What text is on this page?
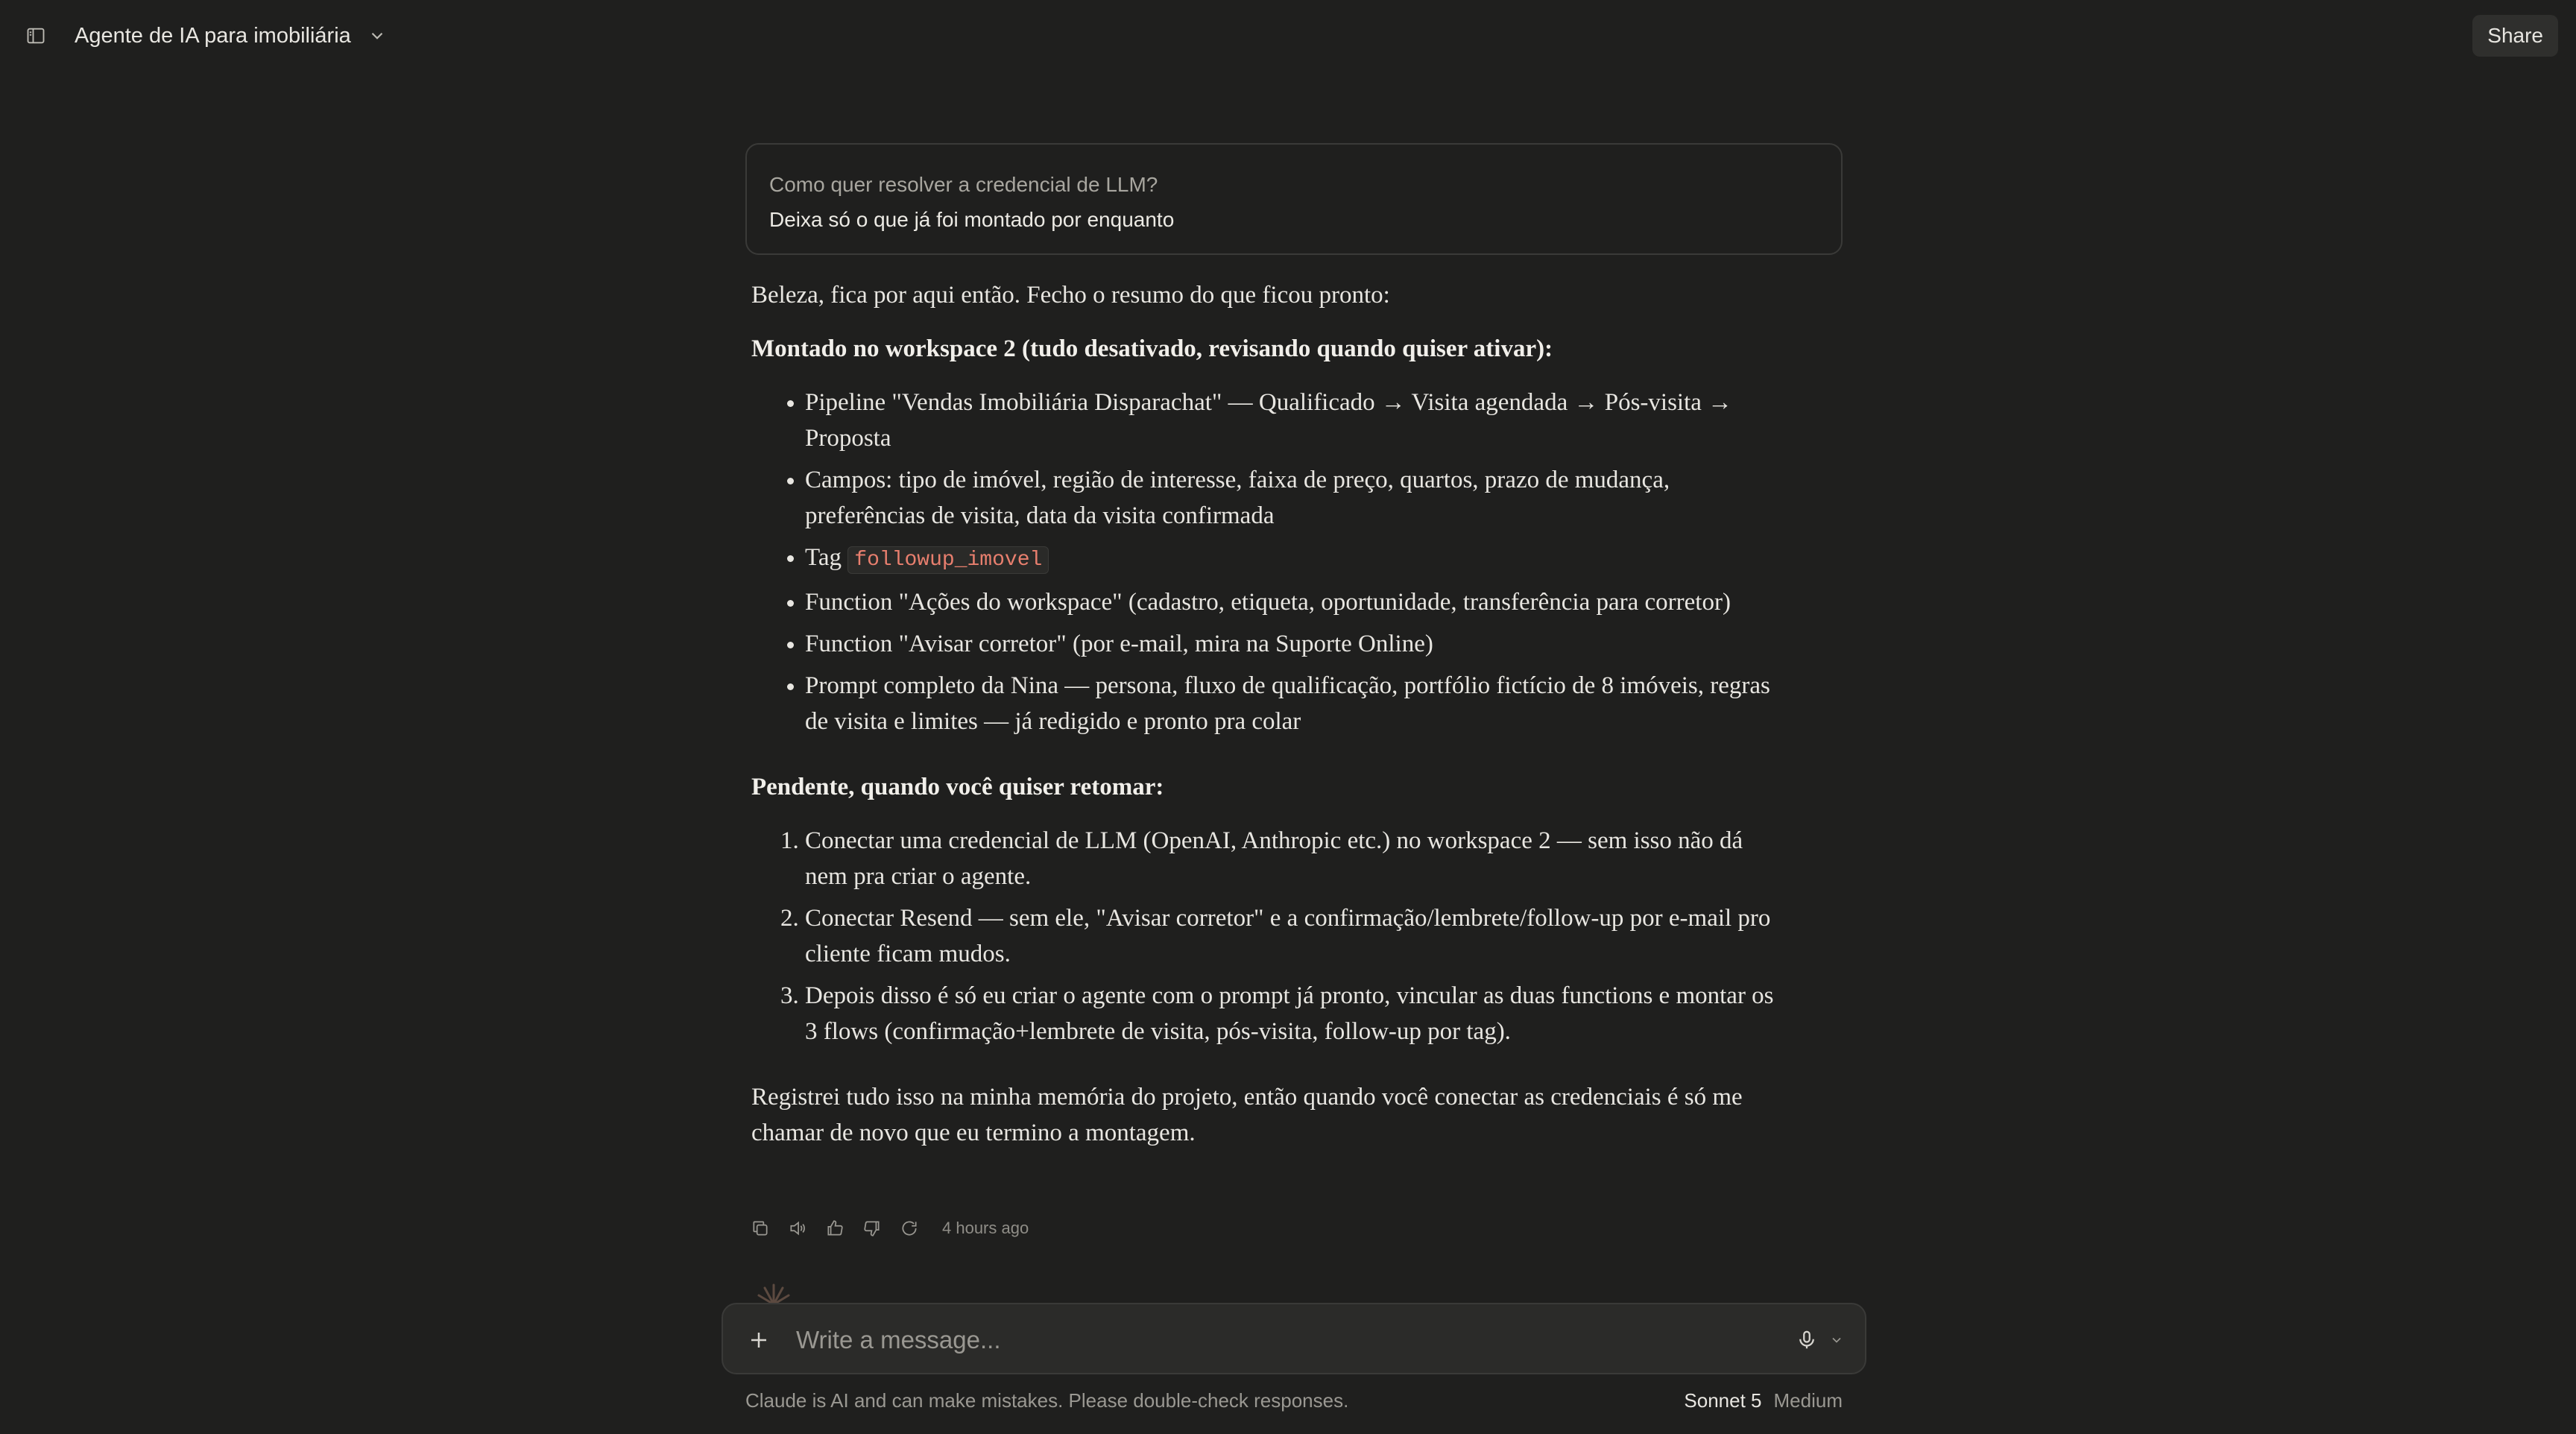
Agente de IA para imobiliária	Share
Como quer resolver a credencial de LLM?
Deixa só o que já foi montado por enquanto

Beleza, fica por aqui então. Fecho o resumo do que ficou pronto:

Montado no workspace 2 (tudo desativado, revisando quando quiser ativar):

• Pipeline "Vendas Imobiliária Disparachat" — Qualificado → Visita agendada → Pós-visita → Proposta
• Campos: tipo de imóvel, região de interesse, faixa de preço, quartos, prazo de mudança, preferências de visita, data da visita confirmada
• Tag followup_imovel
• Function "Ações do workspace" (cadastro, etiqueta, oportunidade, transferência para corretor)
• Function "Avisar corretor" (por e-mail, mira na Suporte Online)
• Prompt completo da Nina — persona, fluxo de qualificação, portfólio fictício de 8 imóveis, regras de visita e limites — já redigido e pronto pra colar

Pendente, quando você quiser retomar:

1. Conectar uma credencial de LLM (OpenAI, Anthropic etc.) no workspace 2 — sem isso não dá nem pra criar o agente.
2. Conectar Resend — sem ele, "Avisar corretor" e a confirmação/lembrete/follow-up por e-mail pro cliente ficam mudos.
3. Depois disso é só eu criar o agente com o prompt já pronto, vincular as duas functions e montar os 3 flows (confirmação+lembrete de visita, pós-visita, follow-up por tag).

Registrei tudo isso na minha memória do projeto, então quando você conectar as credenciais é só me chamar de novo que eu termino a montagem.

4 hours ago
Write a message...
Claude is AI and can make mistakes. Please double-check responses.	Sonnet 5 Medium
